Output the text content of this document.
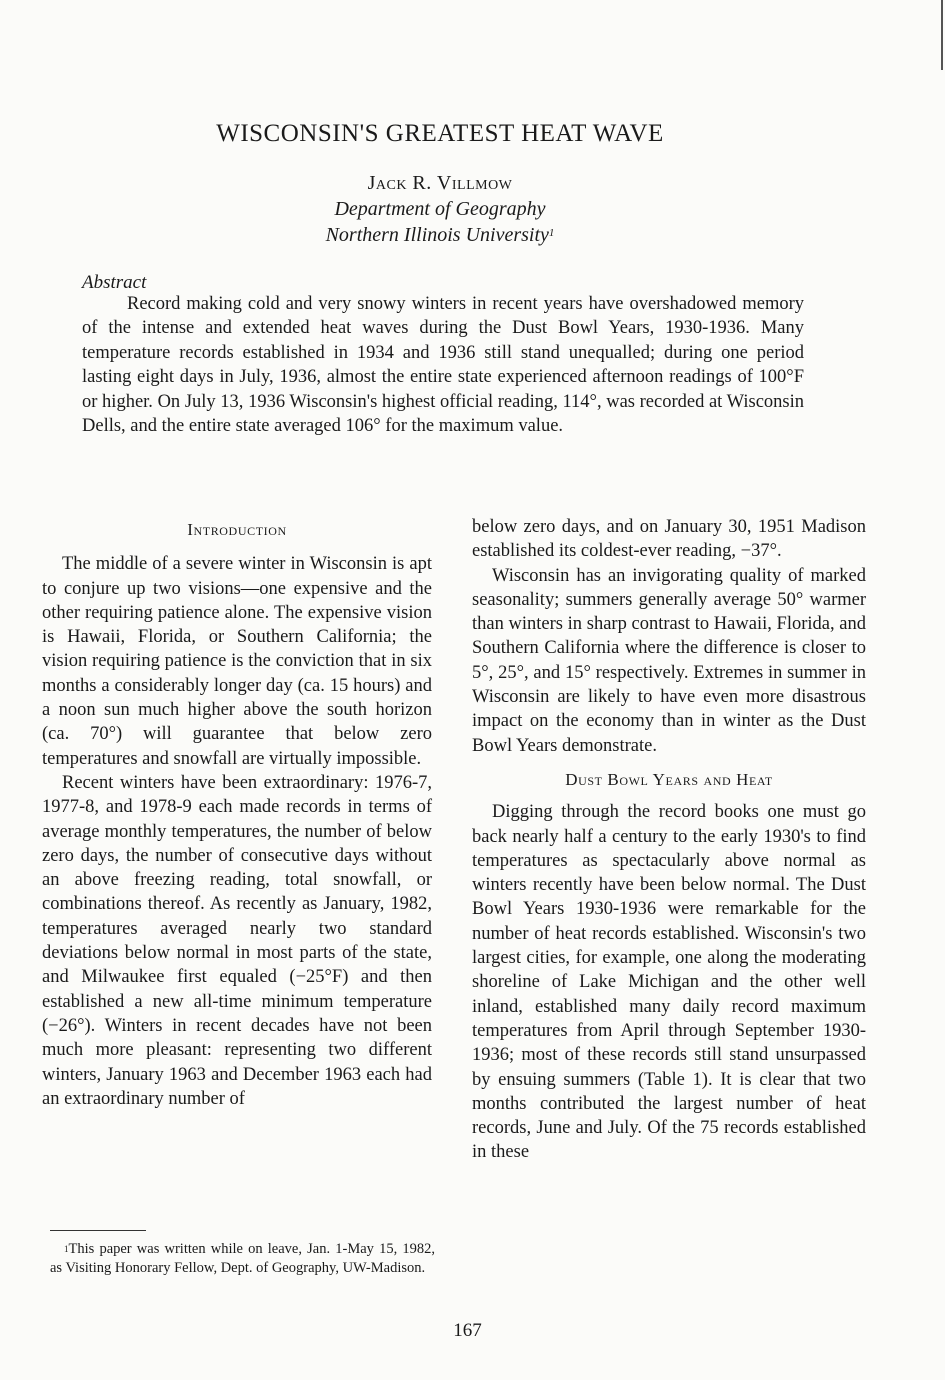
WISCONSIN'S GREATEST HEAT WAVE
Jack R. Villmow
Department of Geography
Northern Illinois University$^1$
Abstract

Record making cold and very snowy winters in recent years have overshadowed memory of the intense and extended heat waves during the Dust Bowl Years, 1930-1936. Many temperature records established in 1934 and 1936 still stand unequalled; during one period lasting eight days in July, 1936, almost the entire state experienced afternoon readings of 100°F or higher. On July 13, 1936 Wisconsin's highest official reading, 114°, was recorded at Wisconsin Dells, and the entire state averaged 106° for the maximum value.

Introduction

The middle of a severe winter in Wisconsin is apt to conjure up two visions—one expensive and the other requiring patience alone. The expensive vision is Hawaii, Florida, or Southern California; the vision requiring patience is the conviction that in six months a considerably longer day (ca. 15 hours) and a noon sun much higher above the south horizon (ca. 70°) will guarantee that below zero temperatures and snowfall are virtually impossible.

Recent winters have been extraordinary: 1976-7, 1977-8, and 1978-9 each made records in terms of average monthly temperatures, the number of below zero days, the number of consecutive days without an above freezing reading, total snowfall, or combinations thereof. As recently as January, 1982, temperatures averaged nearly two standard deviations below normal in most parts of the state, and Milwaukee first equaled (−25°F) and then established a new all-time minimum temperature (−26°). Winters in recent decades have not been much more pleasant: representing two different winters, January 1963 and December 1963 each had an extraordinary number of

below zero days, and on January 30, 1951 Madison established its coldest-ever reading, −37°.

Wisconsin has an invigorating quality of marked seasonality; summers generally average 50° warmer than winters in sharp contrast to Hawaii, Florida, and Southern California where the difference is closer to 5°, 25°, and 15° respectively. Extremes in summer in Wisconsin are likely to have even more disastrous impact on the economy than in winter as the Dust Bowl Years demonstrate.

Dust Bowl Years and Heat

Digging through the record books one must go back nearly half a century to the early 1930's to find temperatures as spectacularly above normal as winters recently have been below normal. The Dust Bowl Years 1930-1936 were remarkable for the number of heat records established. Wisconsin's two largest cities, for example, one along the moderating shoreline of Lake Michigan and the other well inland, established many daily record maximum temperatures from April through September 1930-1936; most of these records still stand unsurpassed by ensuing summers (Table 1). It is clear that two months contributed the largest number of heat records, June and July. Of the 75 records established in these

$^1$This paper was written while on leave, Jan. 1-May 15, 1982, as Visiting Honorary Fellow, Dept. of Geography, UW-Madison.

167
